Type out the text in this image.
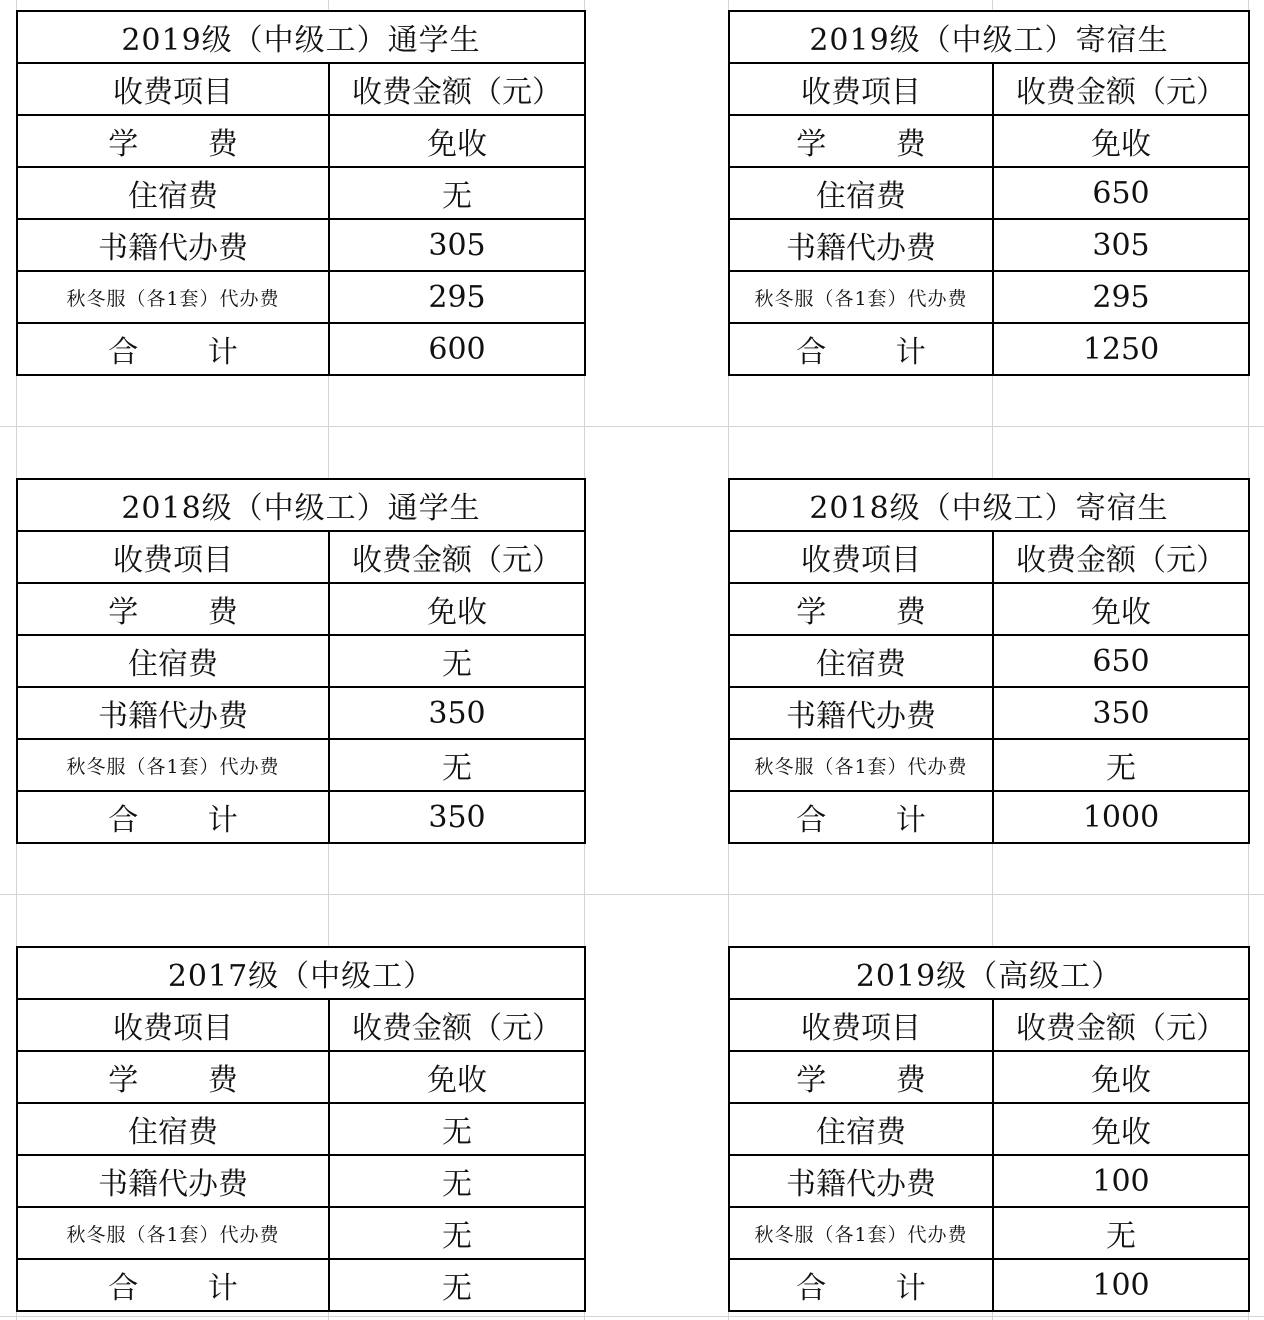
2019级（中级工）通学生	
收费项目	收费金额（元）
学 费	免收
住宿费	无
书籍代办费	305
秋冬服（各1套）代办费	295
合 计	600
2019级（中级工）寄宿生	
收费项目	收费金额（元）
学 费	免收
住宿费	650
书籍代办费	305
秋冬服（各1套）代办费	295
合 计	1250
2018级（中级工）通学生	
收费项目	收费金额（元）
学 费	免收
住宿费	无
书籍代办费	350
秋冬服（各1套）代办费	无
合 计	350
2018级（中级工）寄宿生	
收费项目	收费金额（元）
学 费	免收
住宿费	650
书籍代办费	350
秋冬服（各1套）代办费	无
合 计	1000
2017级（中级工）	
收费项目	收费金额（元）
学 费	免收
住宿费	无
书籍代办费	无
秋冬服（各1套）代办费	无
合 计	无
2019级（高级工）	
收费项目	收费金额（元）
学 费	免收
住宿费	免收
书籍代办费	100
秋冬服（各1套）代办费	无
合 计	100
